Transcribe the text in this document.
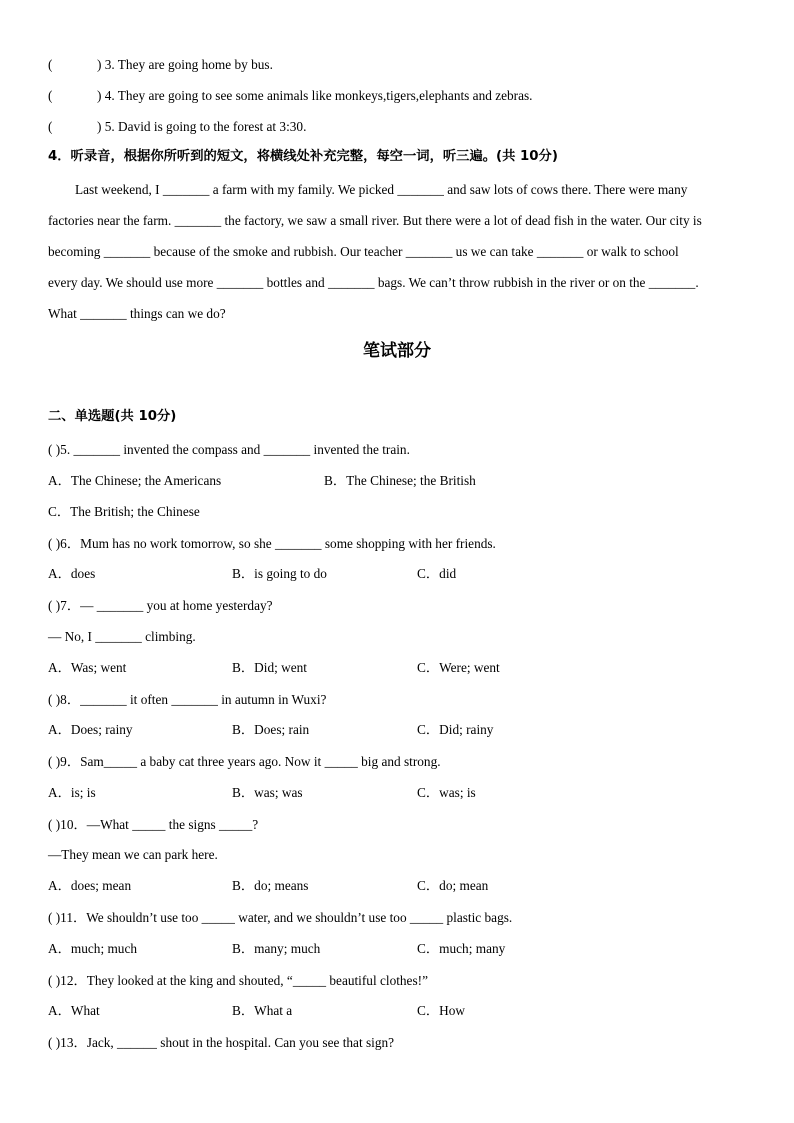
(	) 3. They are going home by bus.
(	) 4. They are going to see some animals like monkeys,tigers,elephants and zebras.
(	) 5. David is going to the forest at 3:30.
4．听录音，根据你所听到的短文，将横线处补充完整，每空一词，听三遍。(共 10分)
Last weekend, I _______ a farm with my family. We picked _______ and saw lots of cows there. There were many
factories near the farm. _______ the factory, we saw a small river. But there were a lot of dead fish in the water. Our city is
becoming _______ because of the smoke and rubbish. Our teacher _______ us we can take _______ or walk to school
every day. We should use more _______ bottles and _______ bags. We can’t throw rubbish in the river or on the _______.
What _______ things can we do?
笔试部分
二、单选题(共 10分)
( )5. _______ invented the compass and _______ invented the train.
A．The Chinese; the Americans	B．The Chinese; the British
C．The British; the Chinese
( )6．Mum has no work tomorrow, so she _______ some shopping with her friends.
A．does	B．is going to do	C．did
( )7．— _______ you at home yesterday?
— No, I _______ climbing.
A．Was; went	B．Did; went	C．Were; went
( )8．_______ it often _______ in autumn in Wuxi?
A．Does; rainy	B．Does; rain	C．Did; rainy
( )9．Sam_____ a baby cat three years ago. Now it _____ big and strong.
A．is; is	B．was; was	C．was; is
( )10．—What _____ the signs _____?
—They mean we can park here.
A．does; mean	B．do; means	C．do; mean
( )11．We shouldn’t use too _____ water, and we shouldn’t use too _____ plastic bags.
A．much; much	B．many; much	C．much; many
( )12．They looked at the king and shouted, “_____ beautiful clothes!”
A．What	B．What a	C．How
( )13．Jack, ______ shout in the hospital. Can you see that sign?
